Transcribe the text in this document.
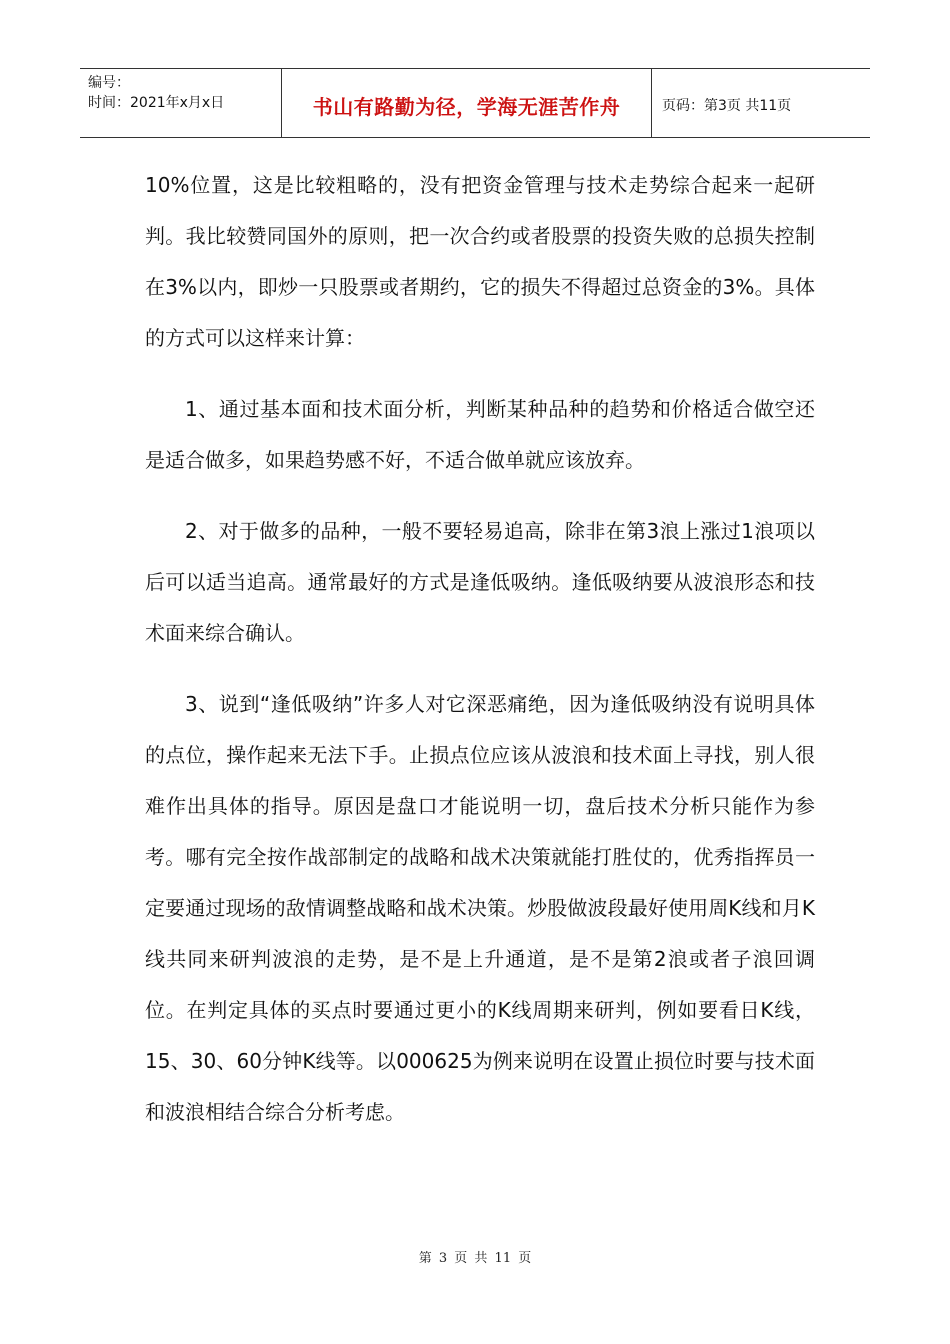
编号：
时间：2021年x月x日	书山有路勤为径，学海无涯苦作舟	页码：第3页 共11页

10%位置，这是比较粗略的，没有把资金管理与技术走势综合起来一起研判。我比较赞同国外的原则，把一次合约或者股票的投资失败的总损失控制在3%以内，即炒一只股票或者期约，它的损失不得超过总资金的3%。具体的方式可以这样来计算：

1、通过基本面和技术面分析，判断某种品种的趋势和价格适合做空还是适合做多，如果趋势感不好，不适合做单就应该放弃。

2、对于做多的品种，一般不要轻易追高，除非在第3浪上涨过1浪项以后可以适当追高。通常最好的方式是逢低吸纳。逢低吸纳要从波浪形态和技术面来综合确认。

3、说到“逢低吸纳”许多人对它深恶痛绝，因为逢低吸纳没有说明具体的点位，操作起来无法下手。止损点位应该从波浪和技术面上寻找，别人很难作出具体的指导。原因是盘口才能说明一切，盘后技术分析只能作为参考。哪有完全按作战部制定的战略和战术决策就能打胜仗的，优秀指挥员一定要通过现场的敌情调整战略和战术决策。炒股做波段最好使用周K线和月K线共同来研判波浪的走势，是不是上升通道，是不是第2浪或者子浪回调位。在判定具体的买点时要通过更小的K线周期来研判，例如要看日K线，15、30、60分钟K线等。以000625为例来说明在设置止损位时要与技术面和波浪相结合综合分析考虑。

第 3 页 共 11 页
